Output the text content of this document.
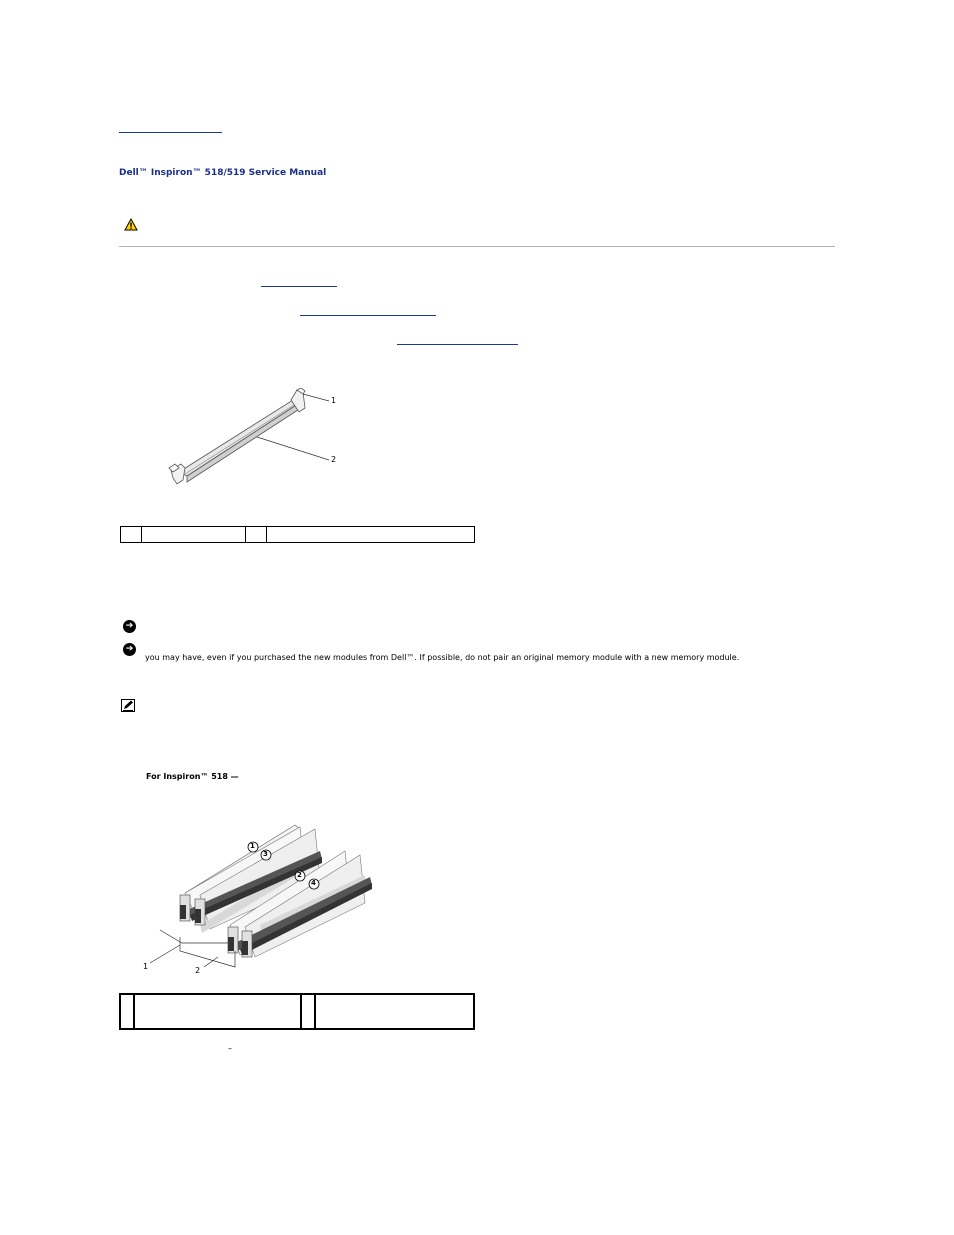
Dell™ Inspiron™ 518/519 Service Manual
1
2

➔
➔
you may have, even if you purchased the new modules from Dell™. If possible, do not pair an original memory module with a new memory module.
For Inspiron™ 518 —
1
3
2
4
1	2

–
